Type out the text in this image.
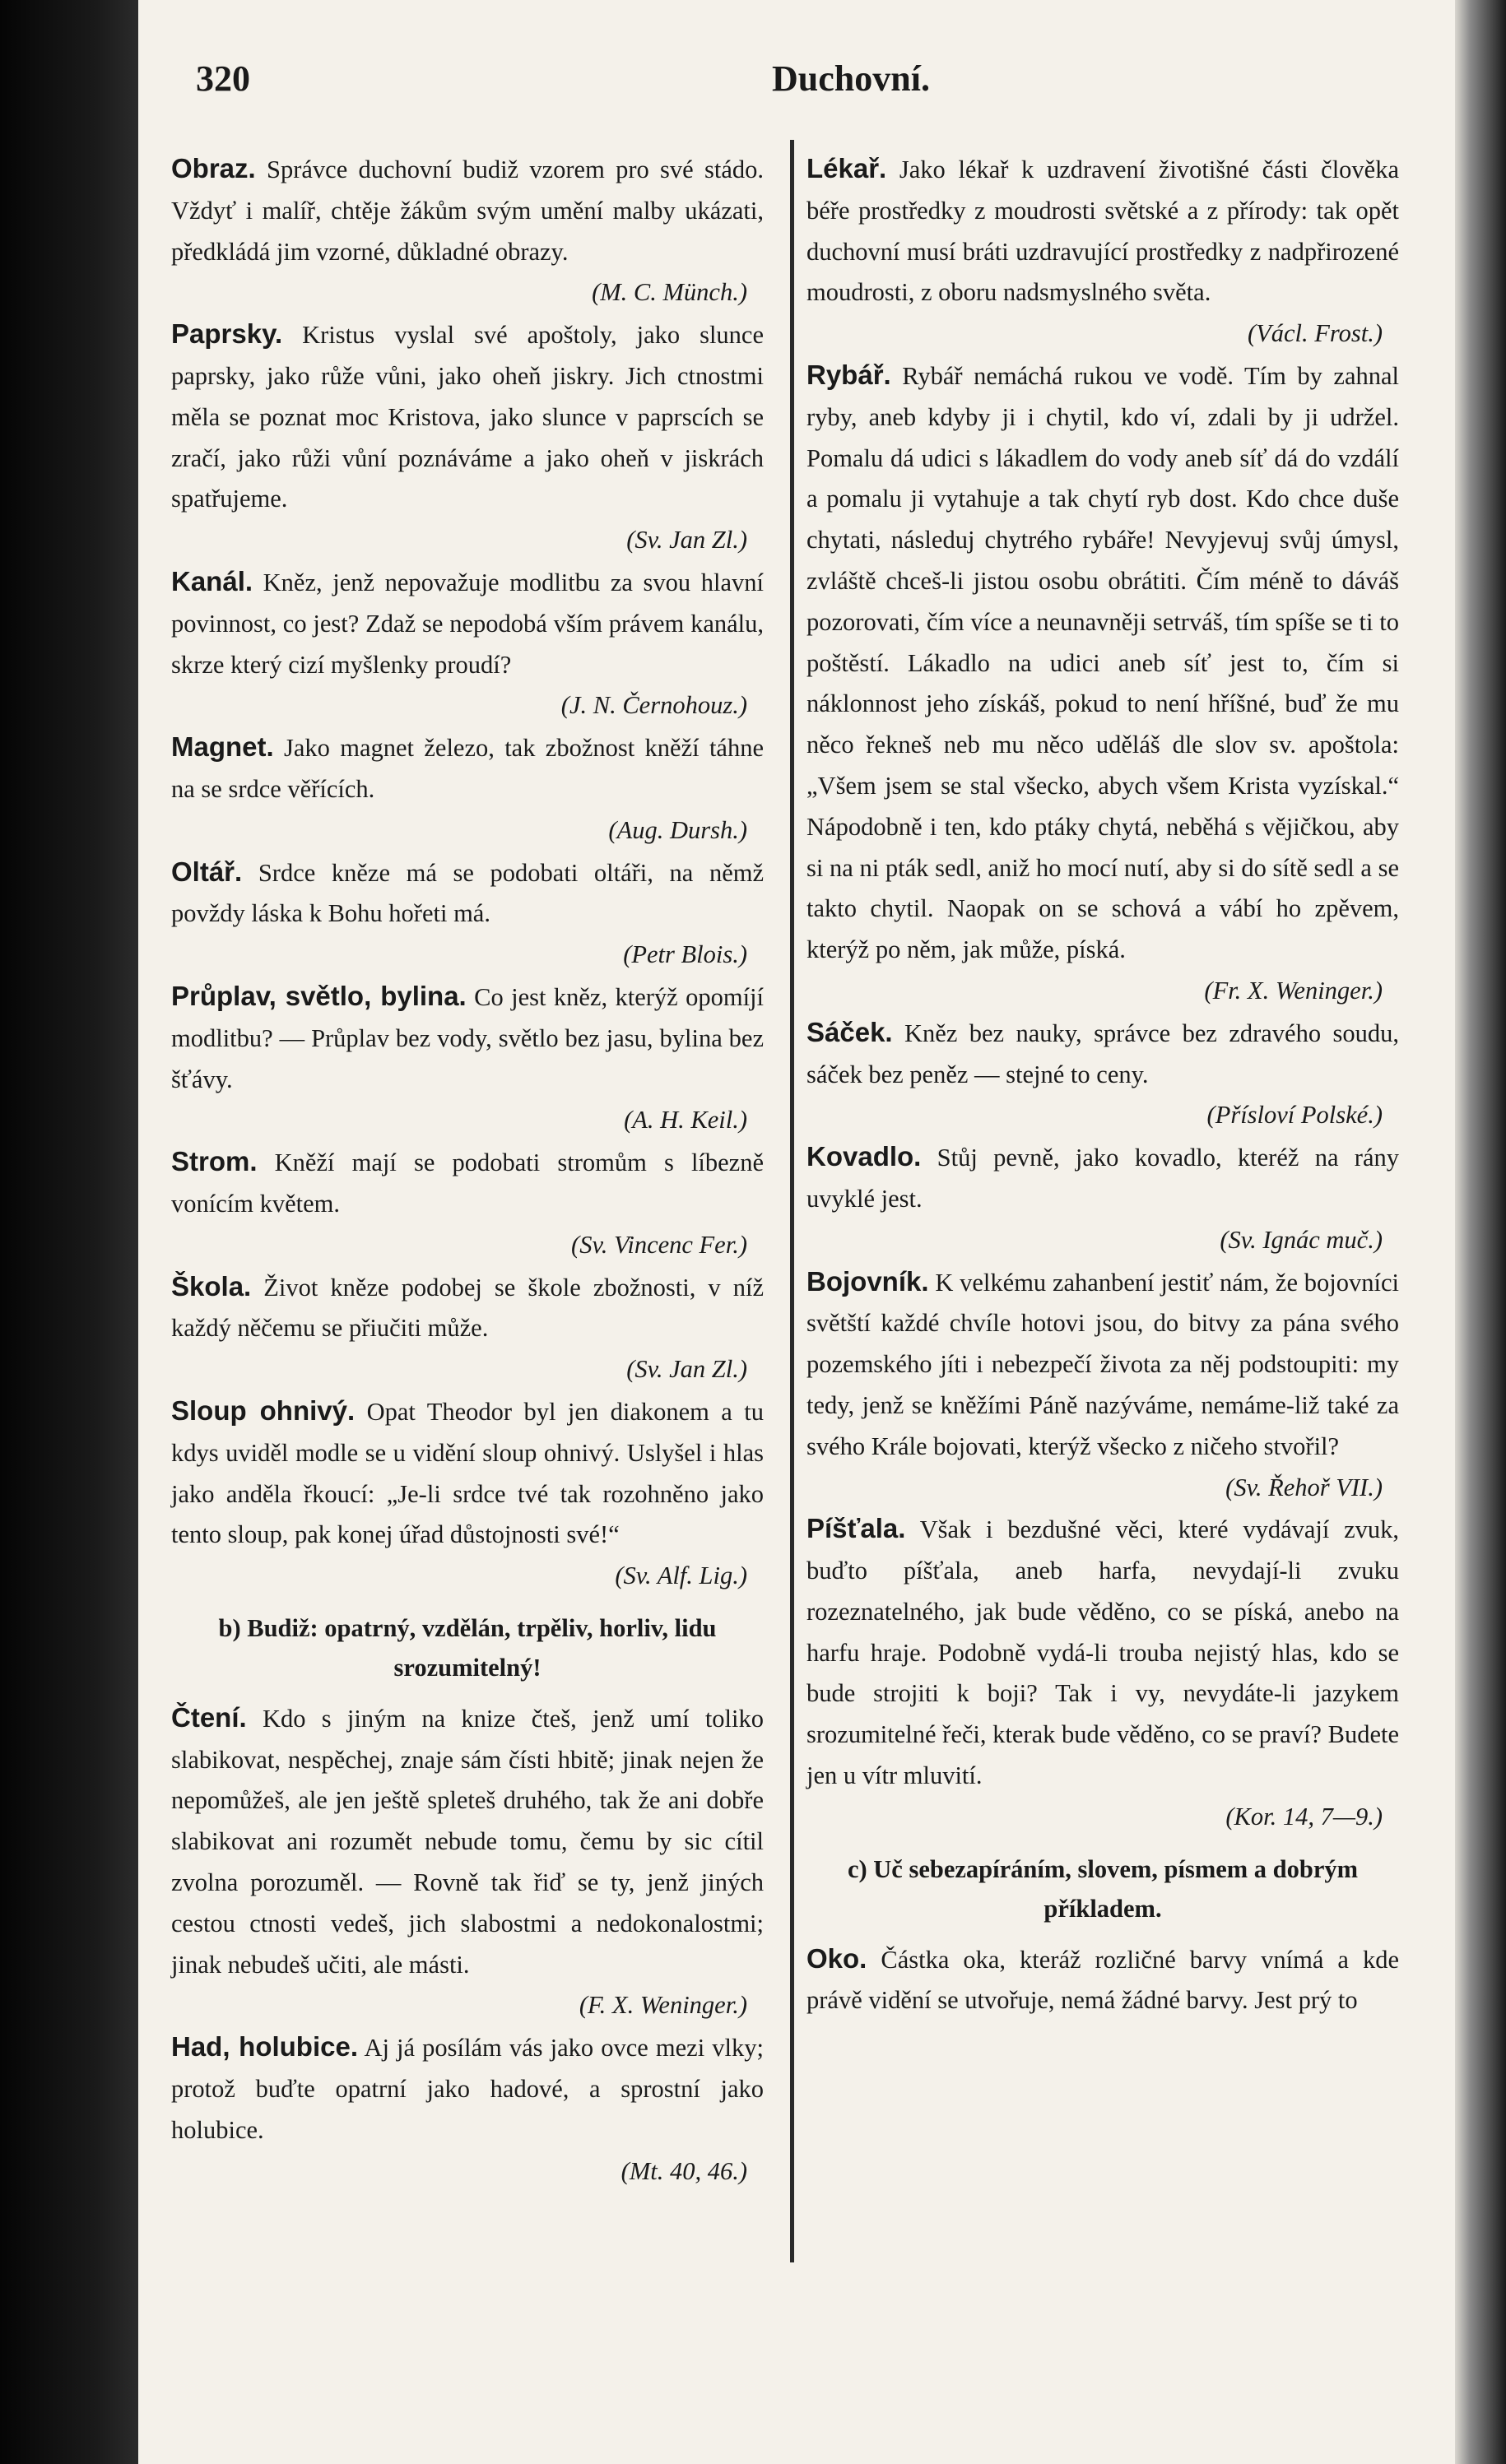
320	Duchovní.

Obraz. Správce duchovní budiž vzorem pro své stádo. Vždyť i malíř, chtěje žákům svým umění malby ukázati, předkládá jim vzorné, důkladné obrazy.
(M. C. Münch.)

Paprsky. Kristus vyslal své apoštoly, jako slunce paprsky, jako růže vůni, jako oheň jiskry. Jich ctnostmi měla se poznat moc Kristova, jako slunce v paprscích se zračí, jako růži vůní poznáváme a jako oheň v jiskrách spatřujeme.
(Sv. Jan Zl.)

Kanál. Kněz, jenž nepovažuje modlitbu za svou hlavní povinnost, co jest? Zdaž se nepodobá vším právem kanálu, skrze který cizí myšlenky proudí?
(J. N. Černohouz.)

Magnet. Jako magnet železo, tak zbožnost kněží táhne na se srdce věřících.
(Aug. Dursh.)

Oltář. Srdce kněze má se podobati oltáři, na němž povždy láska k Bohu hořeti má.
(Petr Blois.)

Průplav, světlo, bylina. Co jest kněz, kterýž opomíjí modlitbu? — Průplav bez vody, světlo bez jasu, bylina bez šťávy.
(A. H. Keil.)

Strom. Kněží mají se podobati stromům s líbezně vonícím květem.
(Sv. Vincenc Fer.)

Škola. Život kněze podobej se škole zbožnosti, v níž každý něčemu se přiučiti může.
(Sv. Jan Zl.)

Sloup ohnivý. Opat Theodor byl jen diakonem a tu kdys uviděl modle se u vidění sloup ohnivý. Uslyšel i hlas jako anděla řkoucí: „Je-li srdce tvé tak rozohněno jako tento sloup, pak konej úřad důstojnosti své!“
(Sv. Alf. Lig.)

b) Budiž: opatrný, vzdělán, trpěliv, horliv, lidu srozumitelný!

Čtení. Kdo s jiným na knize čteš, jenž umí toliko slabikovat, nespěchej, znaje sám čísti hbitě; jinak nejen že nepomůžeš, ale jen ještě spleteš druhého, tak že ani dobře slabikovat ani rozumět nebude tomu, čemu by sic cítil zvolna porozuměl. — Rovně tak řiď se ty, jenž jiných cestou ctnosti vedeš, jich slabostmi a nedokonalostmi; jinak nebudeš učiti, ale másti.
(F. X. Weninger.)

Had, holubice. Aj já posílám vás jako ovce mezi vlky; protož buďte opatrní jako hadové, a sprostní jako holubice.
(Mt. 40, 46.)

Lékař. Jako lékař k uzdravení životišné části člověka béře prostředky z moudrosti světské a z přírody: tak opět duchovní musí bráti uzdravující prostředky z nadpřirozené moudrosti, z oboru nadsmyslného světa.
(Václ. Frost.)

Rybář. Rybář nemáchá rukou ve vodě. Tím by zahnal ryby, aneb kdyby ji i chytil, kdo ví, zdali by ji udržel. Pomalu dá udici s lákadlem do vody aneb síť dá do vzdálí a pomalu ji vytahuje a tak chytí ryb dost. Kdo chce duše chytati, následuj chytrého rybáře! Nevyjevuj svůj úmysl, zvláště chceš-li jistou osobu obrátiti. Čím méně to dáváš pozorovati, čím více a neunavněji setrváš, tím spíše se ti to poštěstí. Lákadlo na udici aneb síť jest to, čím si náklonnost jeho získáš, pokud to není hříšné, buď že mu něco řekneš neb mu něco uděláš dle slov sv. apoštola: „Všem jsem se stal všecko, abych všem Krista vyzískal.“ Nápodobně i ten, kdo ptáky chytá, neběhá s vějičkou, aby si na ni pták sedl, aniž ho mocí nutí, aby si do sítě sedl a se takto chytil. Naopak on se schová a vábí ho zpěvem, kterýž po něm, jak může, píská.
(Fr. X. Weninger.)

Sáček. Kněz bez nauky, správce bez zdravého soudu, sáček bez peněz — stejné to ceny.
(Přísloví Polské.)

Kovadlo. Stůj pevně, jako kovadlo, kteréž na rány uvyklé jest.
(Sv. Ignác muč.)

Bojovník. K velkému zahanbení jestiť nám, že bojovníci světští každé chvíle hotovi jsou, do bitvy za pána svého pozemského jíti i nebezpečí života za něj podstoupiti: my tedy, jenž se kněžími Páně nazýváme, nemáme-liž také za svého Krále bojovati, kterýž všecko z ničeho stvořil?
(Sv. Řehoř VII.)

Píšťala. Však i bezdušné věci, které vydávají zvuk, buďto píšťala, aneb harfa, nevydají-li zvuku rozeznatelného, jak bude věděno, co se píská, anebo na harfu hraje. Podobně vydá-li trouba nejistý hlas, kdo se bude strojiti k boji? Tak i vy, nevydáte-li jazykem srozumitelné řeči, kterak bude věděno, co se praví? Budete jen u vítr mluvití.
(Kor. 14, 7—9.)

c) Uč sebezapíráním, slovem, písmem a dobrým příkladem.

Oko. Částka oka, kteráž rozličné barvy vnímá a kde právě vidění se utvořuje, nemá žádné barvy. Jest prý to
